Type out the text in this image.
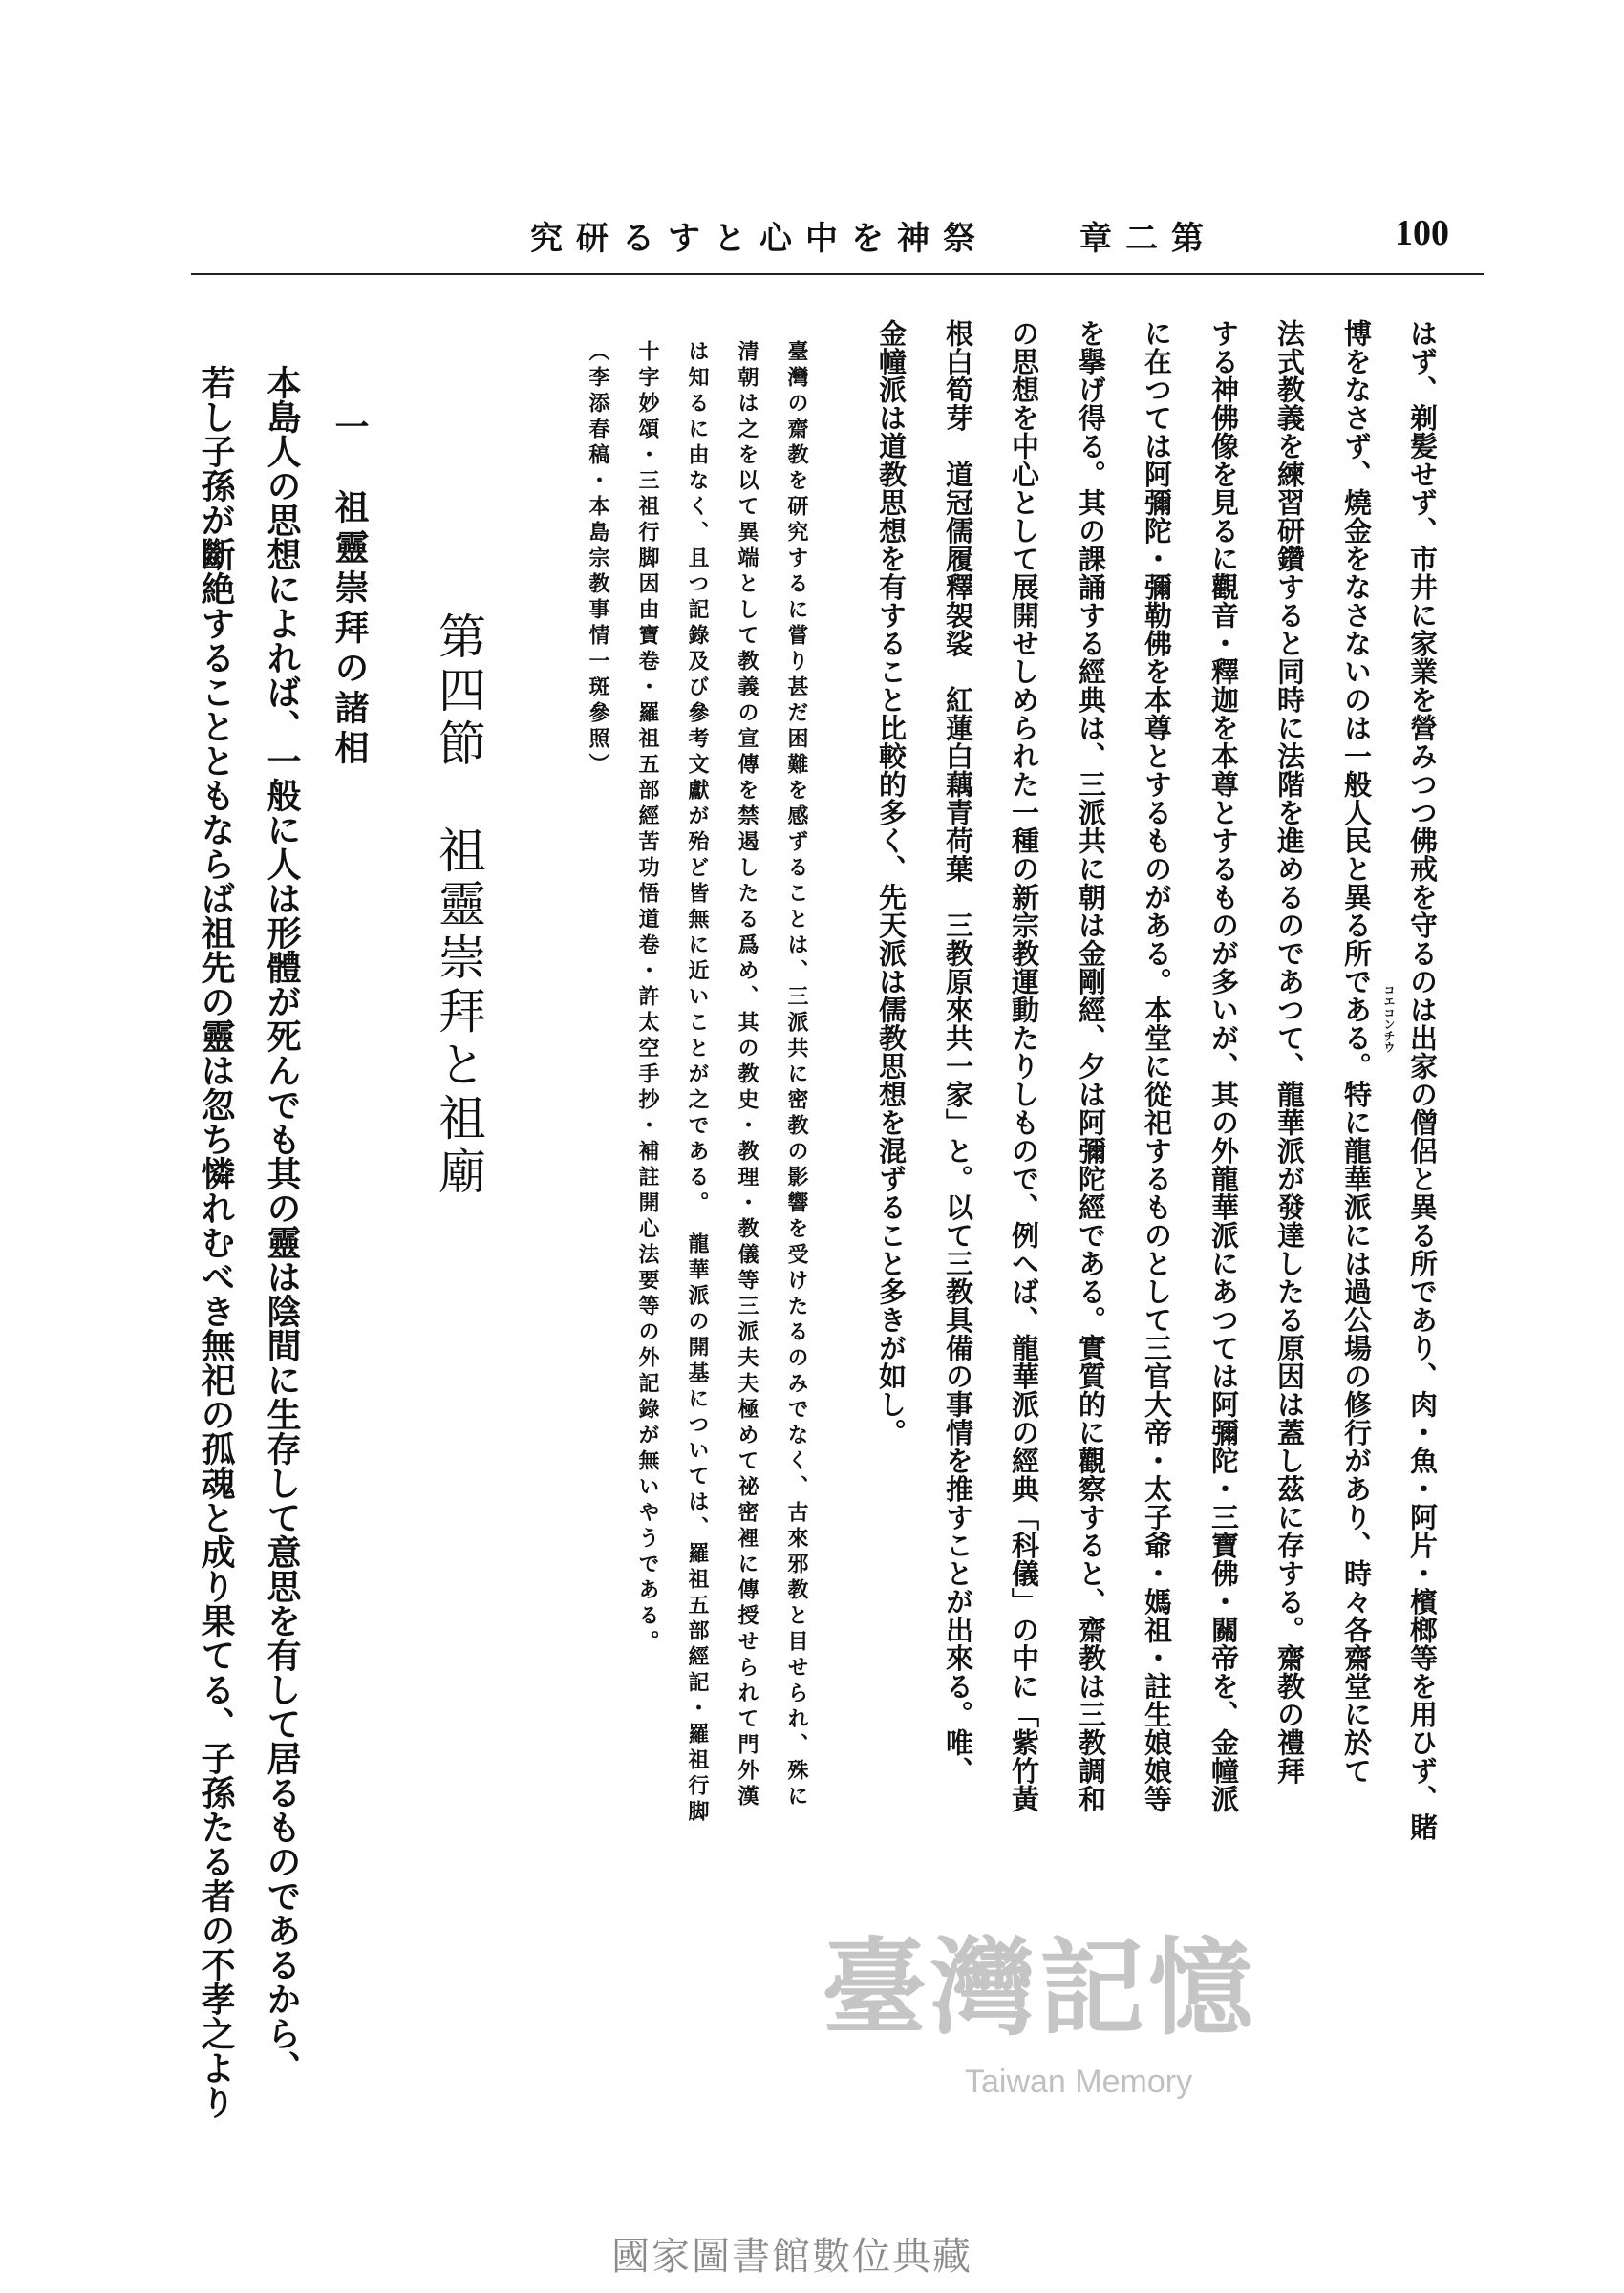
100
第二章
祭神を中心とする研究
はず、剃髪せず、市井に家業を營みつつ佛戒を守るのは出家の僧侶と異る所であり、肉・魚・阿片・檳榔等を用ひず、賭
博をなさず、燒金をなさないのは一般人民と異る所である。特に龍華派には過公場の修行があり、時々各齋堂に於て
法式教義を練習研鑽すると同時に法階を進めるのであつて、龍華派が發達したる原因は蓋し茲に存する。齋教の禮拜
する神佛像を見るに觀音・釋迦を本尊とするものが多いが、其の外龍華派にあつては阿彌陀・三寶佛・關帝を、金幢派
に在つては阿彌陀・彌勒佛を本尊とするものがある。本堂に從祀するものとして三官大帝・太子爺・媽祖・註生娘娘等
を擧げ得る。其の課誦する經典は、三派共に朝は金剛經、夕は阿彌陀經である。實質的に觀察すると、齋教は三教調和
の思想を中心として展開せしめられた一種の新宗教運動たりしもので、例へば、龍華派の經典「科儀」の中に「紫竹黃
根白筍芽　道冠儒履釋袈裟　紅蓮白藕青荷葉　三教原來共一家」と。以て三教具備の事情を推すことが出來る。唯、
金幢派は道教思想を有すること比較的多く、先天派は儒教思想を混ずること多きが如し。	コエコンチウ
臺灣の齋教を研究するに嘗り甚だ困難を感ずることは、三派共に密教の影響を受けたるのみでなく、古來邪教と目せられ、殊に
清朝は之を以て異端として教義の宣傳を禁遏したる爲め、其の教史・教理・教儀等三派夫夫極めて祕密裡に傳授せられて門外漢
は知るに由なく、且つ記錄及び參考文獻が殆ど皆無に近いことが之である。　龍華派の開基については、羅祖五部經記・羅祖行脚
十字妙頌・三祖行脚因由寶卷・羅祖五部經苦功悟道卷・許太空手抄・補註開心法要等の外記錄が無いやうである。
（李添春稿・本島宗教事情一斑參照）
第四節　祖靈崇拜と祖廟
一　祖靈崇拜の諸相
本島人の思想によれば、一般に人は形體が死んでも其の靈は陰間に生存して意思を有して居るものであるから、
若し子孫が斷絶することともならば祖先の靈は忽ち憐れむべき無祀の孤魂と成り果てる、子孫たる者の不孝之より	臺灣記憶
Taiwan Memory
國家圖書館數位典藏
